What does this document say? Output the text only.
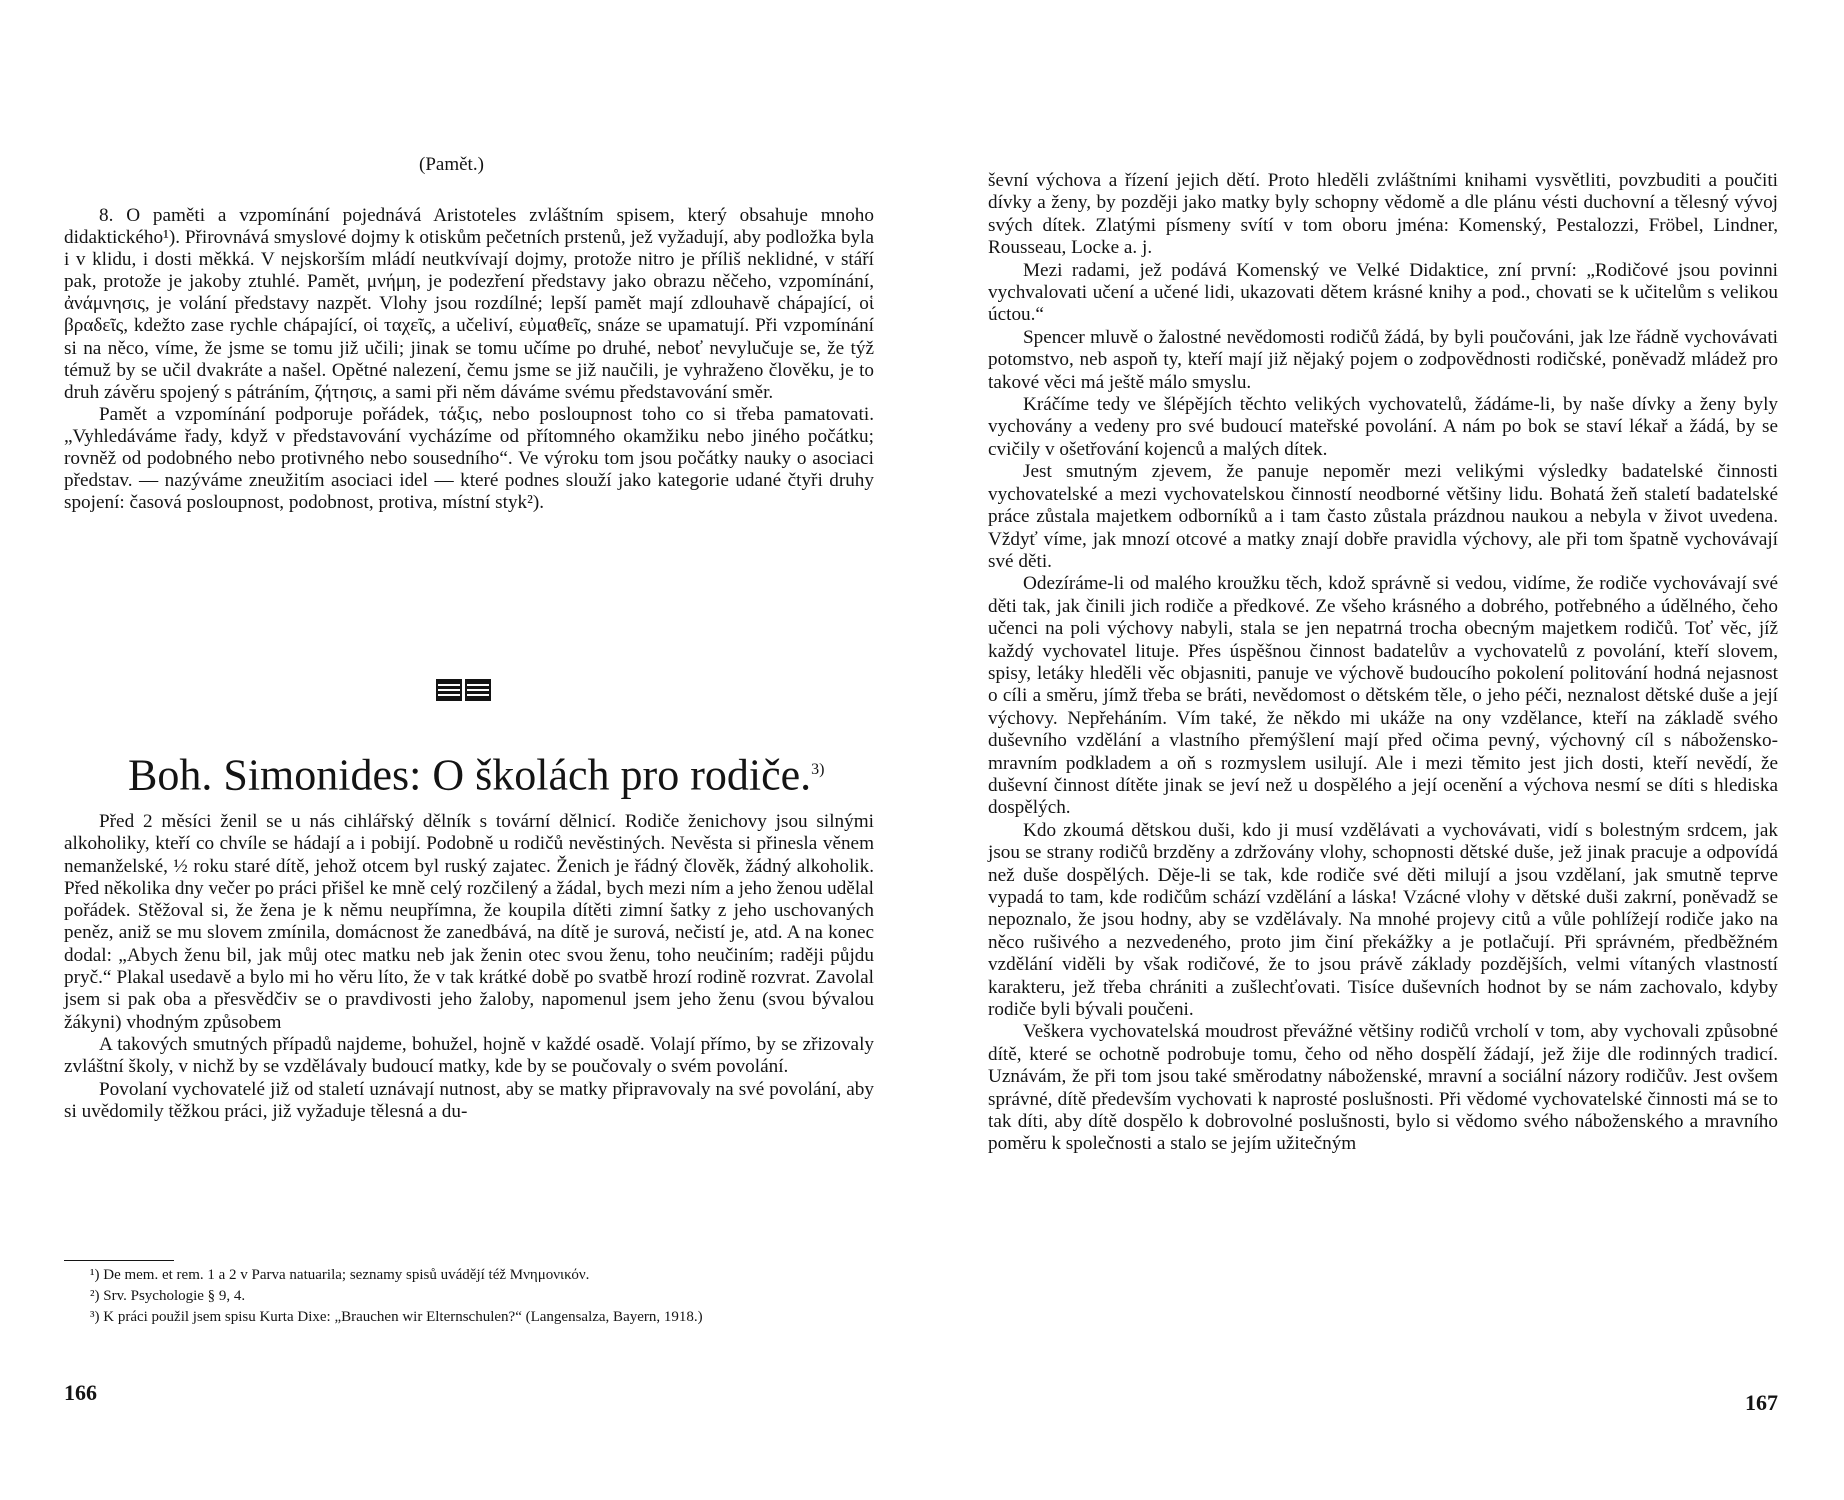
(Pamět.)

8. O paměti a vzpomínání pojednává Aristoteles zvláštním spisem, který obsahuje mnoho didaktického¹). Přirovnává smyslové dojmy k otiskům pečetních prstenů, jež vyžadují, aby podložka byla i v klidu, i dosti měkká. V nejskorším mládí neutkvívají dojmy, protože nitro je příliš neklidné, v stáří pak, protože je jakoby ztuhlé. Pamět, μνήμη, je podezření představy jako obrazu něčeho, vzpomínání, ἀνάμνησις, je volání představy nazpět. Vlohy jsou rozdílné; lepší pamět mají zdlouhavě chápající, οἱ βραδεῖς, kdežto zase rychle chápající, οἱ ταχεῖς, a učeliví, εὐμαθεῖς, snáze se upamatují. Při vzpomínání si na něco, víme, že jsme se tomu již učili; jinak se tomu učíme po druhé, neboť nevylučuje se, že týž témuž by se učil dvakráte a našel. Opětné nalezení, čemu jsme se již naučili, je vyhraženo člověku, je to druh závěru spojený s pátráním, ζήτησις, a sami při něm dáváme svému představování směr.

Pamět a vzpomínání podporuje pořádek, τάξις, nebo posloupnost toho co si třeba pamatovati. „Vyhledáváme řady, když v představování vycházíme od přítomného okamžiku nebo jiného počátku; rovněž od podobného nebo protivného nebo sousedního“. Ve výroku tom jsou počátky nauky o asociaci představ. — nazýváme zneužitím asociaci idel — které podnes slouží jako kategorie udané čtyři druhy spojení: časová posloupnost, podobnost, protiva, místní styk²).

Boh. Simonides: O školách pro rodiče.$^{3)}$

Před 2 měsíci ženil se u nás cihlářský dělník s tovární dělnicí. Rodiče ženichovy jsou silnými alkoholiky, kteří co chvíle se hádají a i pobijí. Podobně u rodičů nevěstiných. Nevěsta si přinesla věnem nemanželské, ½ roku staré dítě, jehož otcem byl ruský zajatec. Ženich je řádný člověk, žádný alkoholik. Před několika dny večer po práci přišel ke mně celý rozčilený a žádal, bych mezi ním a jeho ženou udělal pořádek. Stěžoval si, že žena je k němu neupřímna, že koupila dítěti zimní šatky z jeho uschovaných peněz, aniž se mu slovem zmínila, domácnost že zanedbává, na dítě je surová, nečistí je, atd. A na konec dodal: „Abych ženu bil, jak můj otec matku neb jak ženin otec svou ženu, toho neučiním; raději půjdu pryč.“ Plakal usedavě a bylo mi ho věru líto, že v tak krátké době po svatbě hrozí rodině rozvrat. Zavolal jsem si pak oba a přesvědčiv se o pravdivosti jeho žaloby, napomenul jsem jeho ženu (svou bývalou žákyni) vhodným způsobem

A takových smutných případů najdeme, bohužel, hojně v každé osadě. Volají přímo, by se zřizovaly zvláštní školy, v nichž by se vzdělávaly budoucí matky, kde by se poučovaly o svém povolání.

Povolaní vychovatelé již od staletí uznávají nutnost, aby se matky připravovaly na své povolání, aby si uvědomily těžkou práci, již vyžaduje tělesná a du-

¹) De mem. et rem. 1 a 2 v Parva natuarila; seznamy spisů uvádějí též Μνημονικόν.

²) Srv. Psychologie § 9, 4.

³) K práci použil jsem spisu Kurta Dixe: „Brauchen wir Elternschulen?“ (Langensalza, Bayern, 1918.)

166

ševní výchova a řízení jejich dětí. Proto hleděli zvláštními knihami vysvětliti, povzbuditi a poučiti dívky a ženy, by později jako matky byly schopny vědomě a dle plánu vésti duchovní a tělesný vývoj svých dítek. Zlatými písmeny svítí v tom oboru jména: Komenský, Pestalozzi, Fröbel, Lindner, Rousseau, Locke a. j.

Mezi radami, jež podává Komenský ve Velké Didaktice, zní první: „Rodičové jsou povinni vychvalovati učení a učené lidi, ukazovati dětem krásné knihy a pod., chovati se k učitelům s velikou úctou.“

Spencer mluvě o žalostné nevědomosti rodičů žádá, by byli poučováni, jak lze řádně vychovávati potomstvo, neb aspoň ty, kteří mají již nějaký pojem o zodpovědnosti rodičské, poněvadž mládež pro takové věci má ještě málo smyslu.

Kráčíme tedy ve šlépějích těchto velikých vychovatelů, žádáme-li, by naše dívky a ženy byly vychovány a vedeny pro své budoucí mateřské povolání. A nám po bok se staví lékař a žádá, by se cvičily v ošetřování kojenců a malých dítek.

Jest smutným zjevem, že panuje nepoměr mezi velikými výsledky badatelské činnosti vychovatelské a mezi vychovatelskou činností neodborné většiny lidu. Bohatá žeň staletí badatelské práce zůstala majetkem odborníků a i tam často zůstala prázdnou naukou a nebyla v život uvedena. Vždyť víme, jak mnozí otcové a matky znají dobře pravidla výchovy, ale při tom špatně vychovávají své děti.

Odezíráme-li od malého kroužku těch, kdož správně si vedou, vidíme, že rodiče vychovávají své děti tak, jak činili jich rodiče a předkové. Ze všeho krásného a dobrého, potřebného a údělného, čeho učenci na poli výchovy nabyli, stala se jen nepatrná trocha obecným majetkem rodičů. Toť věc, jíž každý vychovatel lituje. Přes úspěšnou činnost badatelův a vychovatelů z povolání, kteří slovem, spisy, letáky hleděli věc objasniti, panuje ve výchově budoucího pokolení politování hodná nejasnost o cíli a směru, jímž třeba se bráti, nevědomost o dětském těle, o jeho péči, neznalost dětské duše a její výchovy. Nepřeháním. Vím také, že někdo mi ukáže na ony vzdělance, kteří na základě svého duševního vzdělání a vlastního přemýšlení mají před očima pevný, výchovný cíl s nábožensko-mravním podkladem a oň s rozmyslem usilují. Ale i mezi těmito jest jich dosti, kteří nevědí, že duševní činnost dítěte jinak se jeví než u dospělého a její ocenění a výchova nesmí se díti s hlediska dospělých.

Kdo zkoumá dětskou duši, kdo ji musí vzdělávati a vychovávati, vidí s bolestným srdcem, jak jsou se strany rodičů brzděny a zdržovány vlohy, schopnosti dětské duše, jež jinak pracuje a odpovídá než duše dospělých. Děje-li se tak, kde rodiče své děti milují a jsou vzdělaní, jak smutně teprve vypadá to tam, kde rodičům schází vzdělání a láska! Vzácné vlohy v dětské duši zakrní, poněvadž se nepoznalo, že jsou hodny, aby se vzdělávaly. Na mnohé projevy citů a vůle pohlížejí rodiče jako na něco rušivého a nezvedeného, proto jim činí překážky a je potlačují. Při správném, předběžném vzdělání viděli by však rodičové, že to jsou právě základy pozdějších, velmi vítaných vlastností karakteru, jež třeba chrániti a zušlechťovati. Tisíce duševních hodnot by se nám zachovalo, kdyby rodiče byli bývali poučeni.

Veškera vychovatelská moudrost převážné většiny rodičů vrcholí v tom, aby vychovali způsobné dítě, které se ochotně podrobuje tomu, čeho od něho dospělí žádají, jež žije dle rodinných tradicí. Uznávám, že při tom jsou také směrodatny náboženské, mravní a sociální názory rodičův. Jest ovšem správné, dítě především vychovati k naprosté poslušnosti. Při vědomé vychovatelské činnosti má se to tak díti, aby dítě dospělo k dobrovolné poslušnosti, bylo si vědomo svého náboženského a mravního poměru k společnosti a stalo se jejím užitečným

167
